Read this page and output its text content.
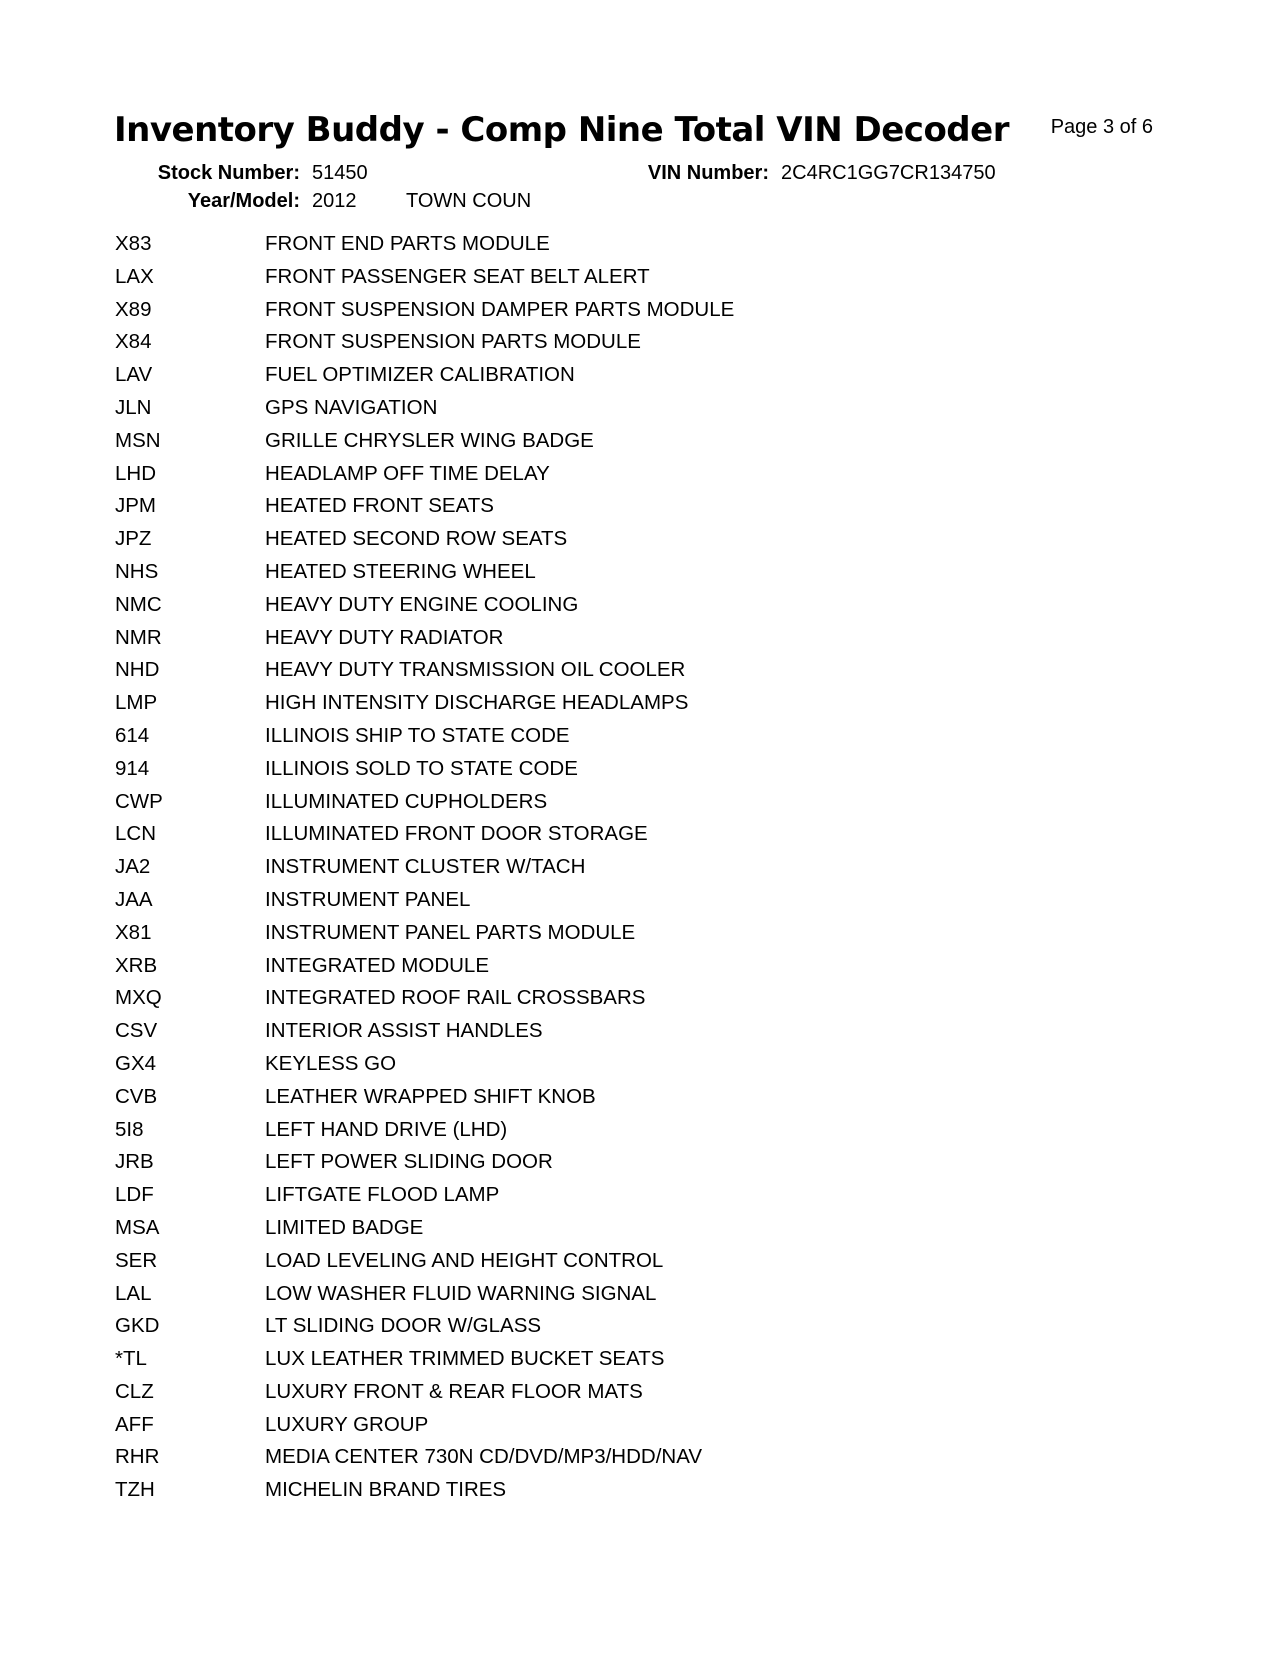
Inventory Buddy - Comp Nine Total VIN Decoder Page 3 of 6
Stock Number: 51450	VIN Number: 2C4RC1GG7CR134750
Year/Model: 2012 TOWN COUN
X83	FRONT END PARTS MODULE
LAX	FRONT PASSENGER SEAT BELT ALERT
X89	FRONT SUSPENSION DAMPER PARTS MODULE
X84	FRONT SUSPENSION PARTS MODULE
LAV	FUEL OPTIMIZER CALIBRATION
JLN	GPS NAVIGATION
MSN	GRILLE CHRYSLER WING BADGE
LHD	HEADLAMP OFF TIME DELAY
JPM	HEATED FRONT SEATS
JPZ	HEATED SECOND ROW SEATS
NHS	HEATED STEERING WHEEL
NMC	HEAVY DUTY ENGINE COOLING
NMR	HEAVY DUTY RADIATOR
NHD	HEAVY DUTY TRANSMISSION OIL COOLER
LMP	HIGH INTENSITY DISCHARGE HEADLAMPS
614	ILLINOIS SHIP TO STATE CODE
914	ILLINOIS SOLD TO STATE CODE
CWP	ILLUMINATED CUPHOLDERS
LCN	ILLUMINATED FRONT DOOR STORAGE
JA2	INSTRUMENT CLUSTER W/TACH
JAA	INSTRUMENT PANEL
X81	INSTRUMENT PANEL PARTS MODULE
XRB	INTEGRATED MODULE
MXQ	INTEGRATED ROOF RAIL CROSSBARS
CSV	INTERIOR ASSIST HANDLES
GX4	KEYLESS GO
CVB	LEATHER WRAPPED SHIFT KNOB
5I8	LEFT HAND DRIVE (LHD)
JRB	LEFT POWER SLIDING DOOR
LDF	LIFTGATE FLOOD LAMP
MSA	LIMITED BADGE
SER	LOAD LEVELING AND HEIGHT CONTROL
LAL	LOW WASHER FLUID WARNING SIGNAL
GKD	LT SLIDING DOOR W/GLASS
*TL	LUX LEATHER TRIMMED BUCKET SEATS
CLZ	LUXURY FRONT & REAR FLOOR MATS
AFF	LUXURY GROUP
RHR	MEDIA CENTER 730N CD/DVD/MP3/HDD/NAV
TZH	MICHELIN BRAND TIRES
